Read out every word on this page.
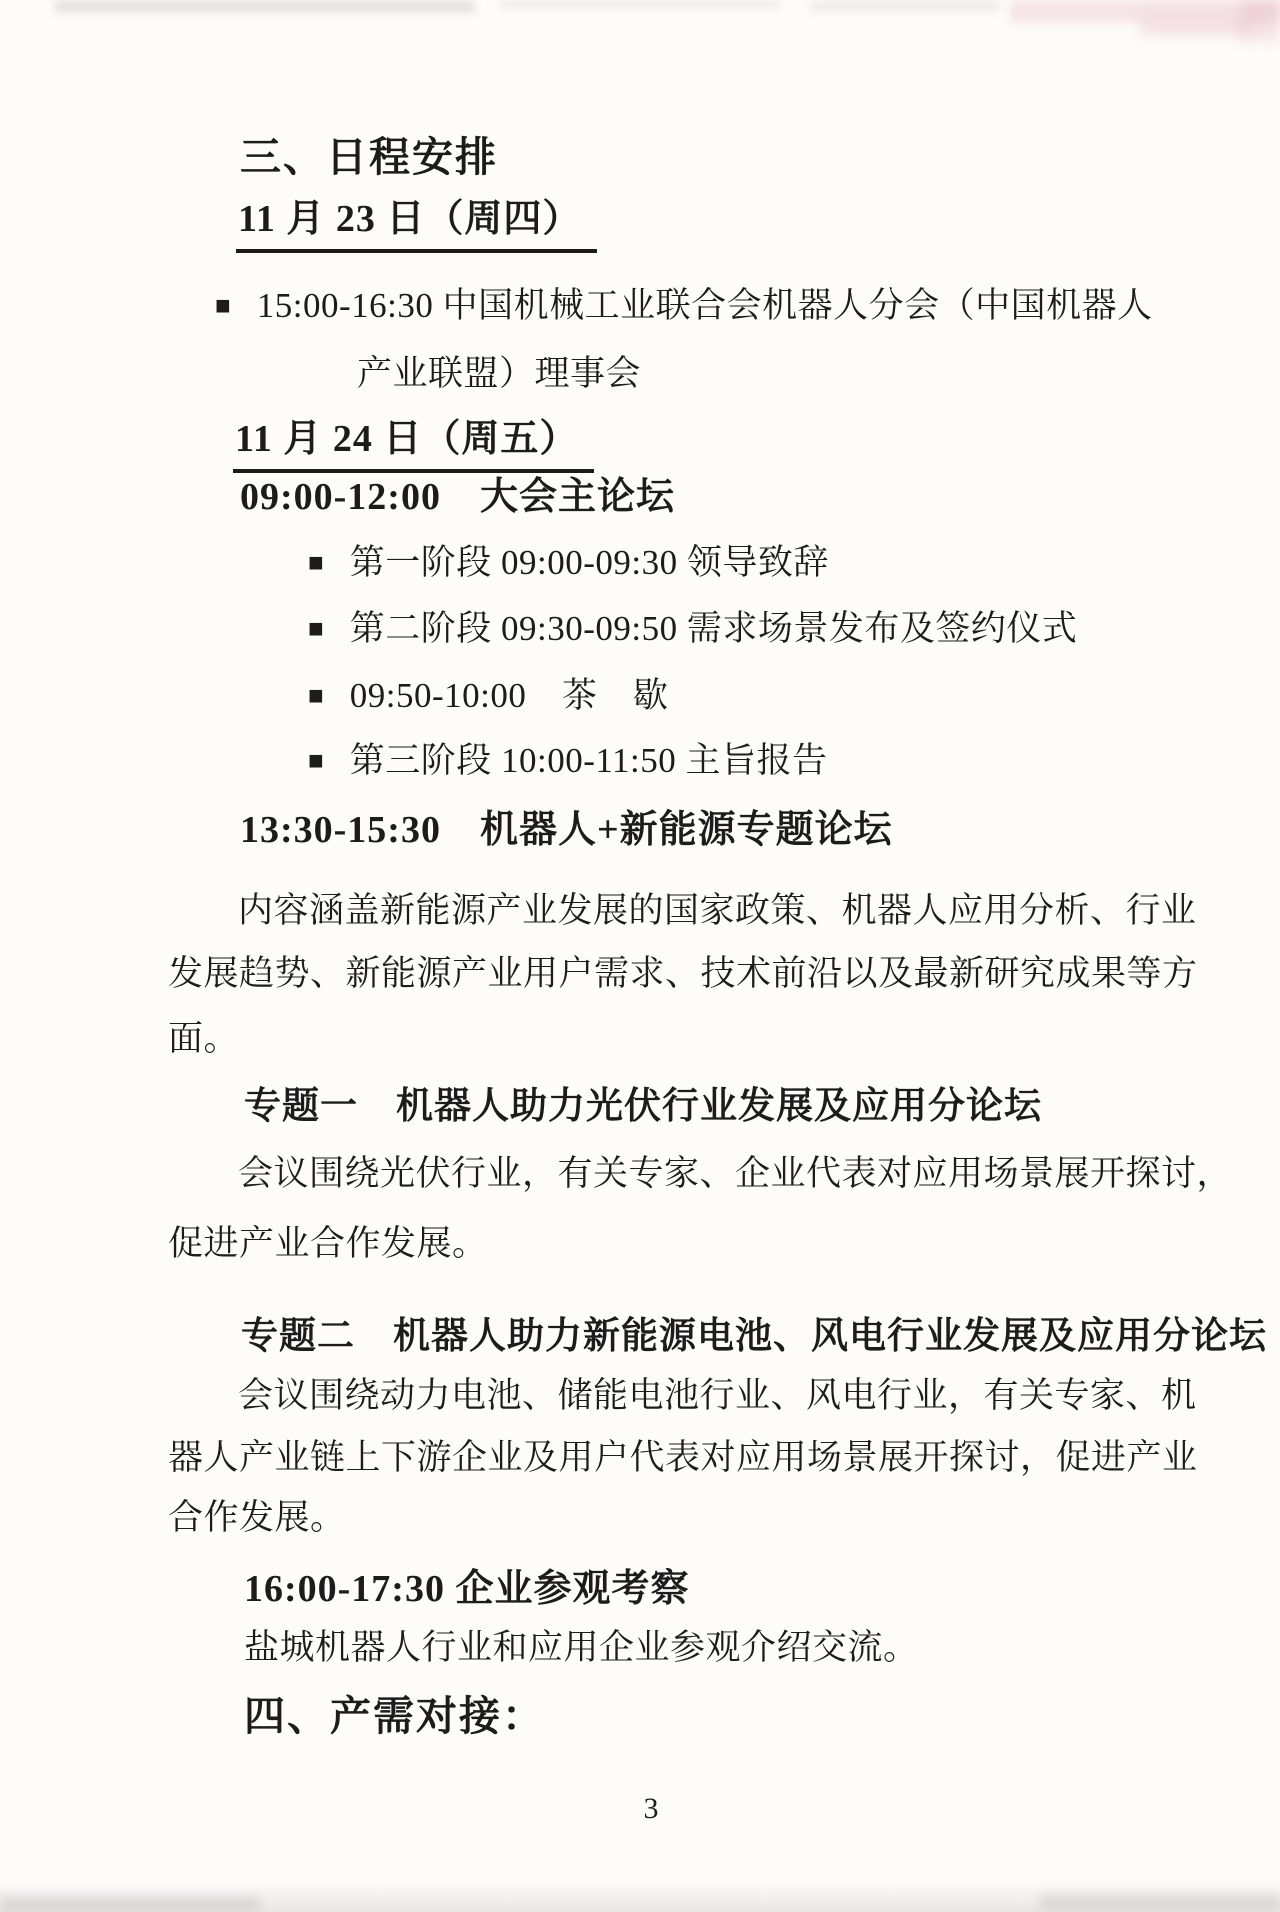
三、日程安排
11 月 23 日（周四）
■ 15:00-16:30 中国机械工业联合会机器人分会（中国机器人
产业联盟）理事会
11 月 24 日（周五）
09:00-12:00　大会主论坛
■ 第一阶段 09:00-09:30 领导致辞
■ 第二阶段 09:30-09:50 需求场景发布及签约仪式
■ 09:50-10:00　茶　歇
■ 第三阶段 10:00-11:50 主旨报告
13:30-15:30　机器人+新能源专题论坛
内容涵盖新能源产业发展的国家政策、机器人应用分析、行业
发展趋势、新能源产业用户需求、技术前沿以及最新研究成果等方
面。
专题一　机器人助力光伏行业发展及应用分论坛
会议围绕光伏行业，有关专家、企业代表对应用场景展开探讨，
促进产业合作发展。
专题二　机器人助力新能源电池、风电行业发展及应用分论坛
会议围绕动力电池、储能电池行业、风电行业，有关专家、机
器人产业链上下游企业及用户代表对应用场景展开探讨，促进产业
合作发展。
16:00-17:30 企业参观考察
盐城机器人行业和应用企业参观介绍交流。
四、产需对接：
3
